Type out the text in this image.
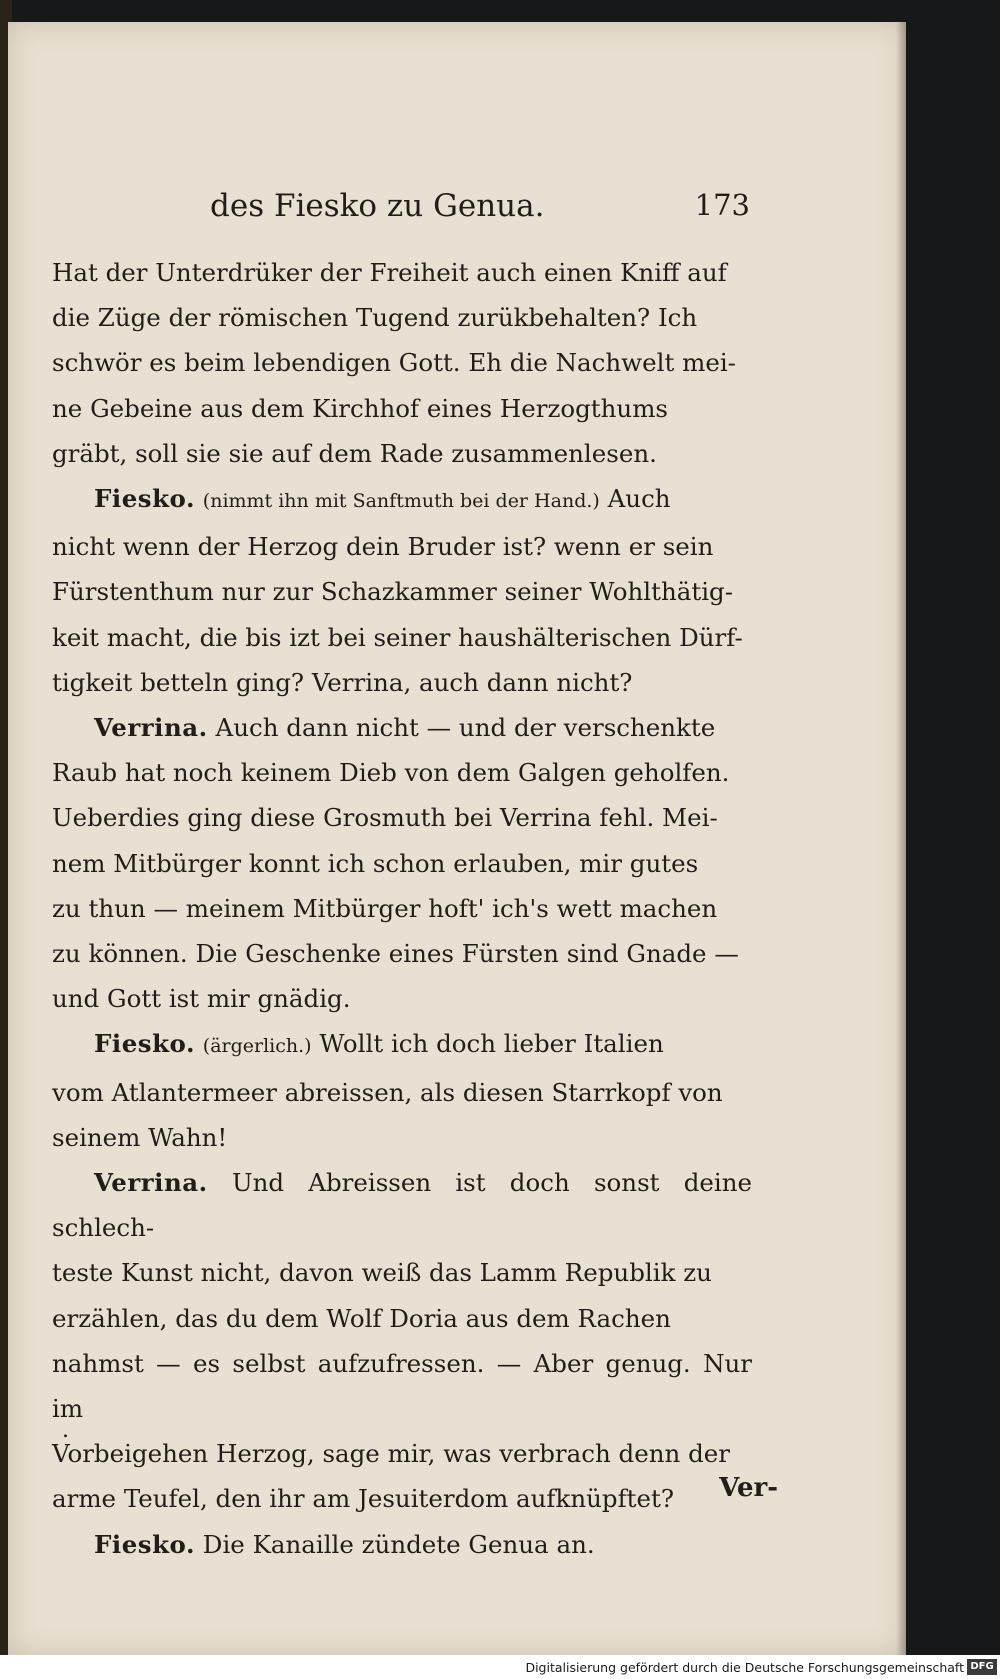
des Fiesko zu Genua.	173

Hat der Unterdrüker der Freiheit auch einen Kniff auf

die Züge der römischen Tugend zurükbehalten? Ich

schwör es beim lebendigen Gott. Eh die Nachwelt mei-

ne Gebeine aus dem Kirchhof eines Herzogthums

gräbt, soll sie sie auf dem Rade zusammenlesen.

Fiesko. (nimmt ihn mit Sanftmuth bei der Hand.) Auch

nicht wenn der Herzog dein Bruder ist? wenn er sein

Fürstenthum nur zur Schazkammer seiner Wohlthätig-

keit macht, die bis izt bei seiner haushälterischen Dürf-

tigkeit betteln ging? Verrina, auch dann nicht?

Verrina. Auch dann nicht — und der verschenkte

Raub hat noch keinem Dieb von dem Galgen geholfen.

Ueberdies ging diese Grosmuth bei Verrina fehl. Mei-

nem Mitbürger konnt ich schon erlauben, mir gutes

zu thun — meinem Mitbürger hoft' ich's wett machen

zu können. Die Geschenke eines Fürsten sind Gnade —

und Gott ist mir gnädig.

Fiesko. (ärgerlich.) Wollt ich doch lieber Italien

vom Atlantermeer abreissen, als diesen Starrkopf von

seinem Wahn!

Verrina. Und Abreissen ist doch sonst deine schlech-

teste Kunst nicht, davon weiß das Lamm Republik zu

erzählen, das du dem Wolf Doria aus dem Rachen

nahmst — es selbst aufzufressen. — Aber genug. Nur im

Vorbeigehen Herzog, sage mir, was verbrach denn der

arme Teufel, den ihr am Jesuiterdom aufknüpftet?

Fiesko. Die Kanaille zündete Genua an.

.
Ver-
Digitalisierung gefördert durch die Deutsche Forschungsgemeinschaft DFG
